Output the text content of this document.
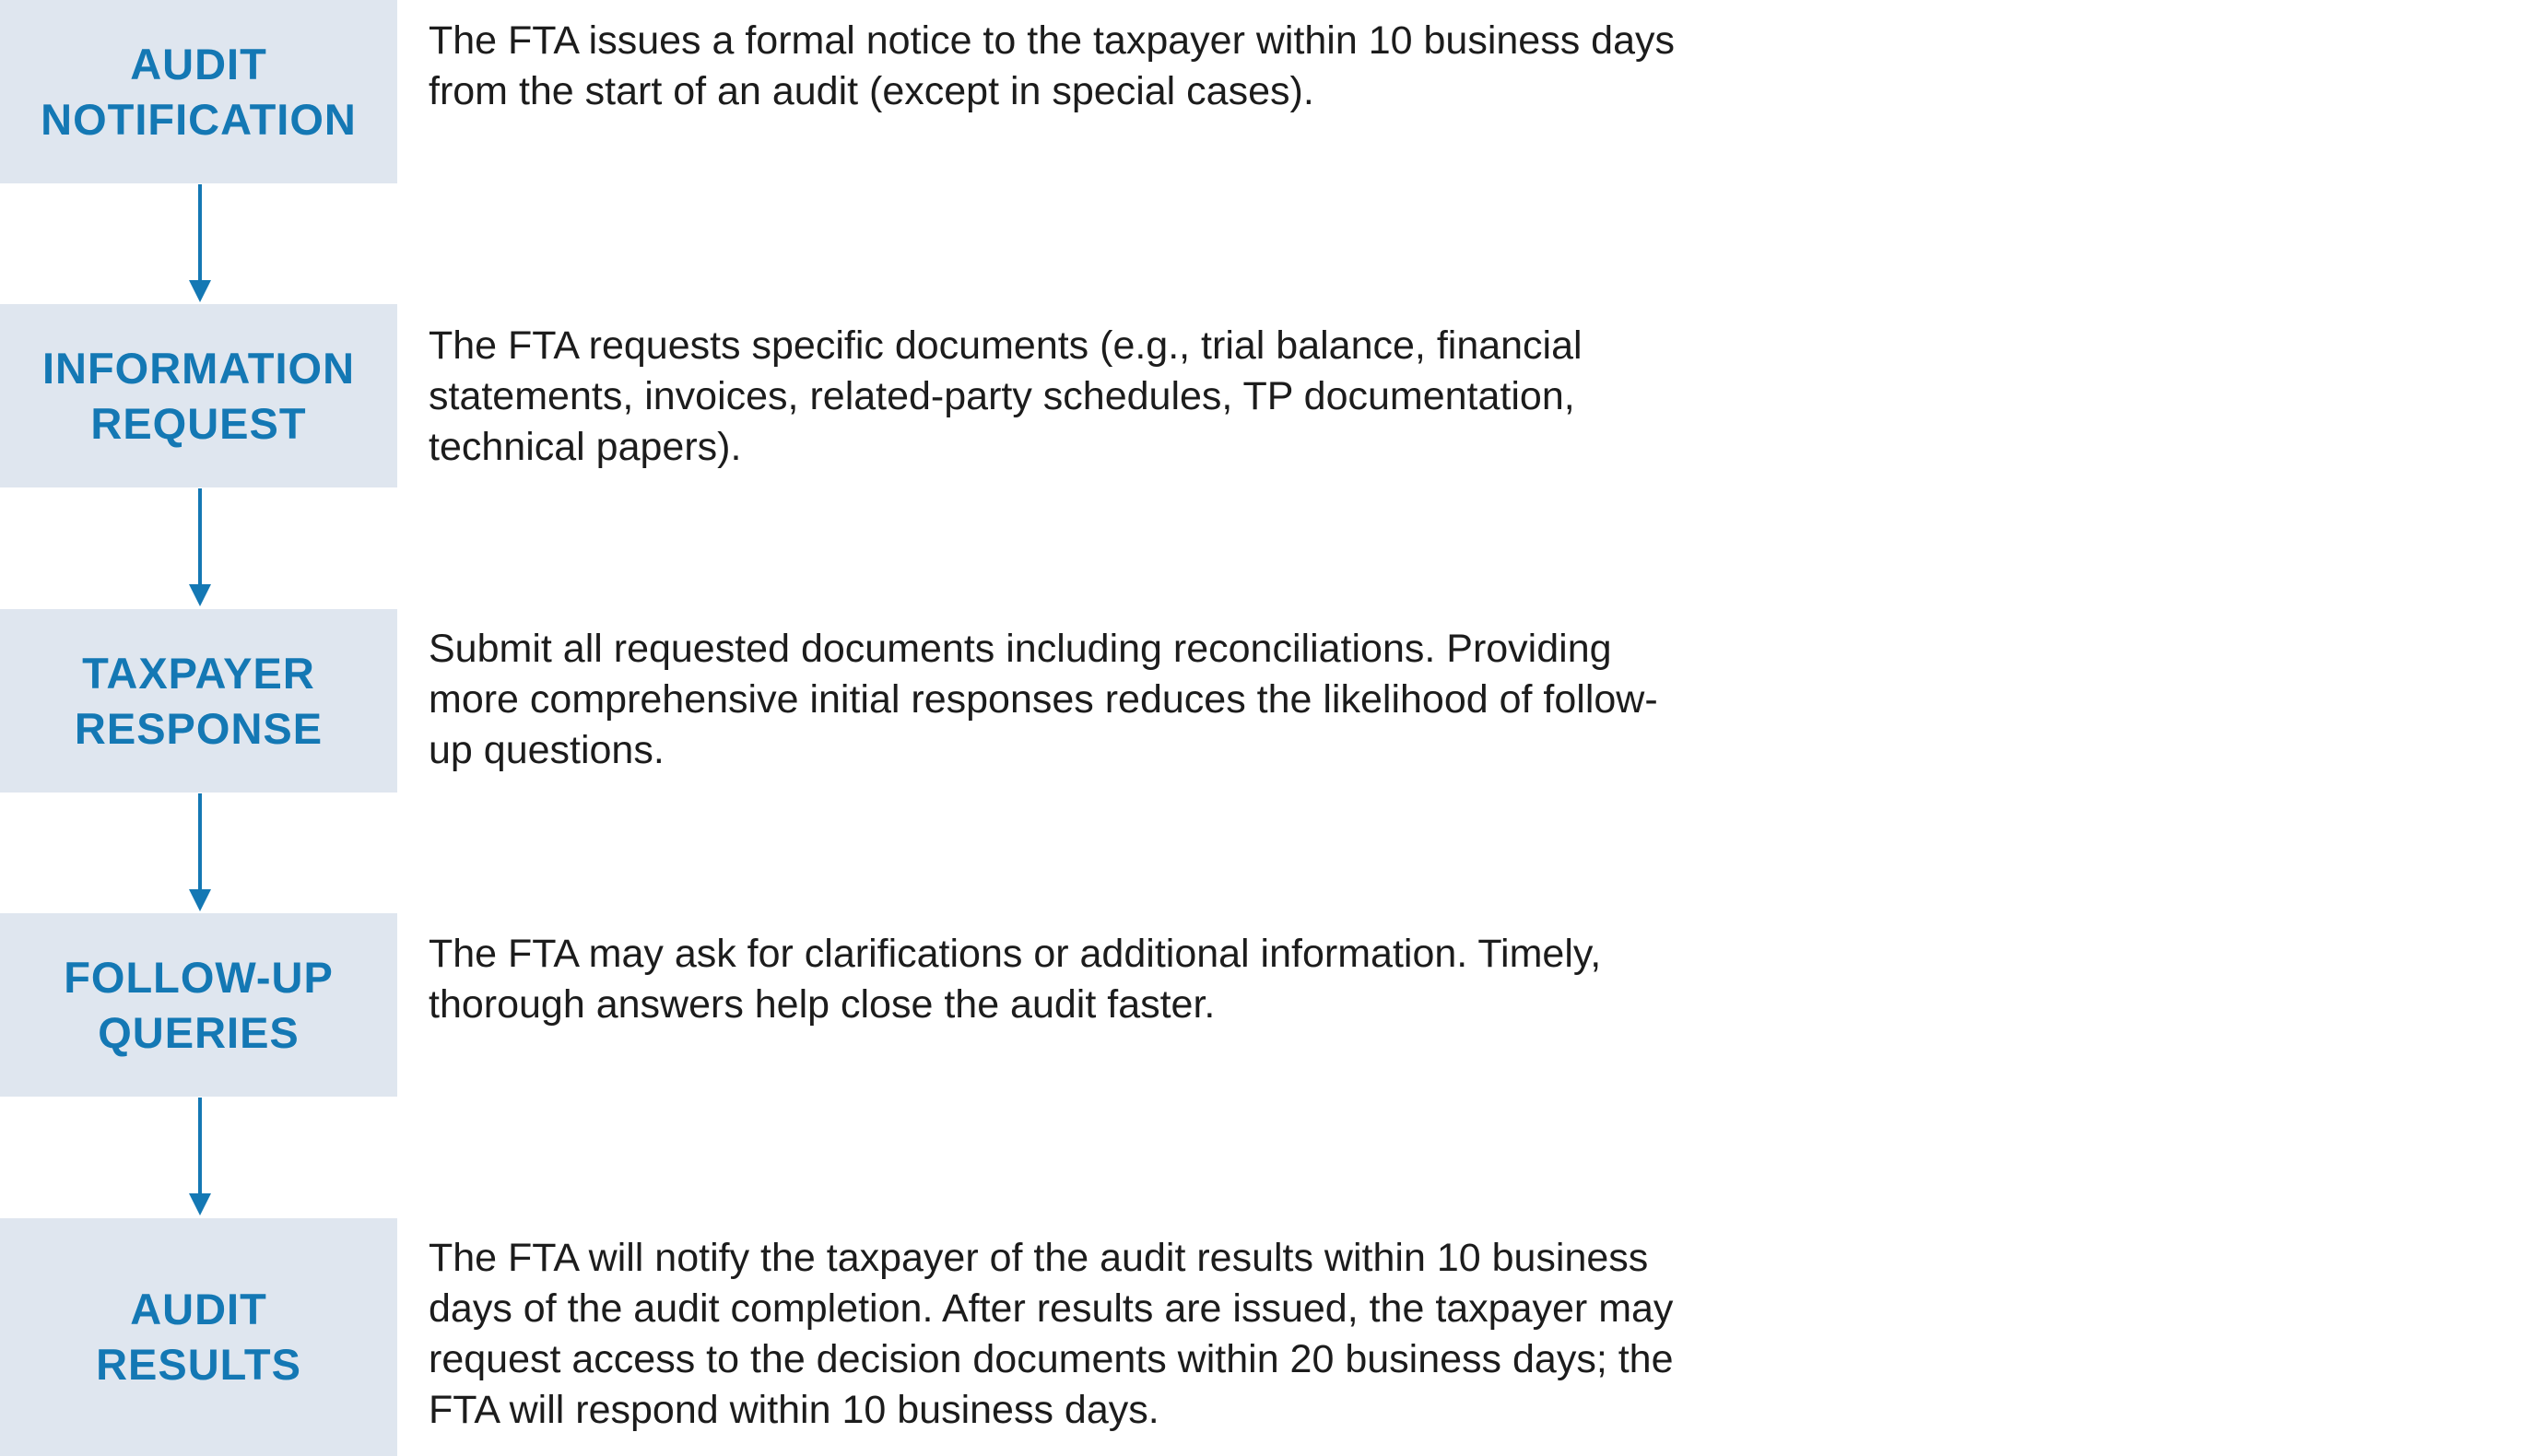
AUDIT
NOTIFICATION
The FTA issues a formal notice to the taxpayer within 10 business days from the start of an audit (except in special cases).
INFORMATION
REQUEST
The FTA requests specific documents (e.g., trial balance, financial statements, invoices, related-party schedules, TP documentation, technical papers).
TAXPAYER
RESPONSE
Submit all requested documents including reconciliations. Providing more comprehensive initial responses reduces the likelihood of follow-up questions.
FOLLOW-UP
QUERIES
The FTA may ask for clarifications or additional information. Timely, thorough answers help close the audit faster.
AUDIT
RESULTS
The FTA will notify the taxpayer of the audit results within 10 business days of the audit completion. After results are issued, the taxpayer may request access to the decision documents within 20 business days; the FTA will respond within 10 business days.
